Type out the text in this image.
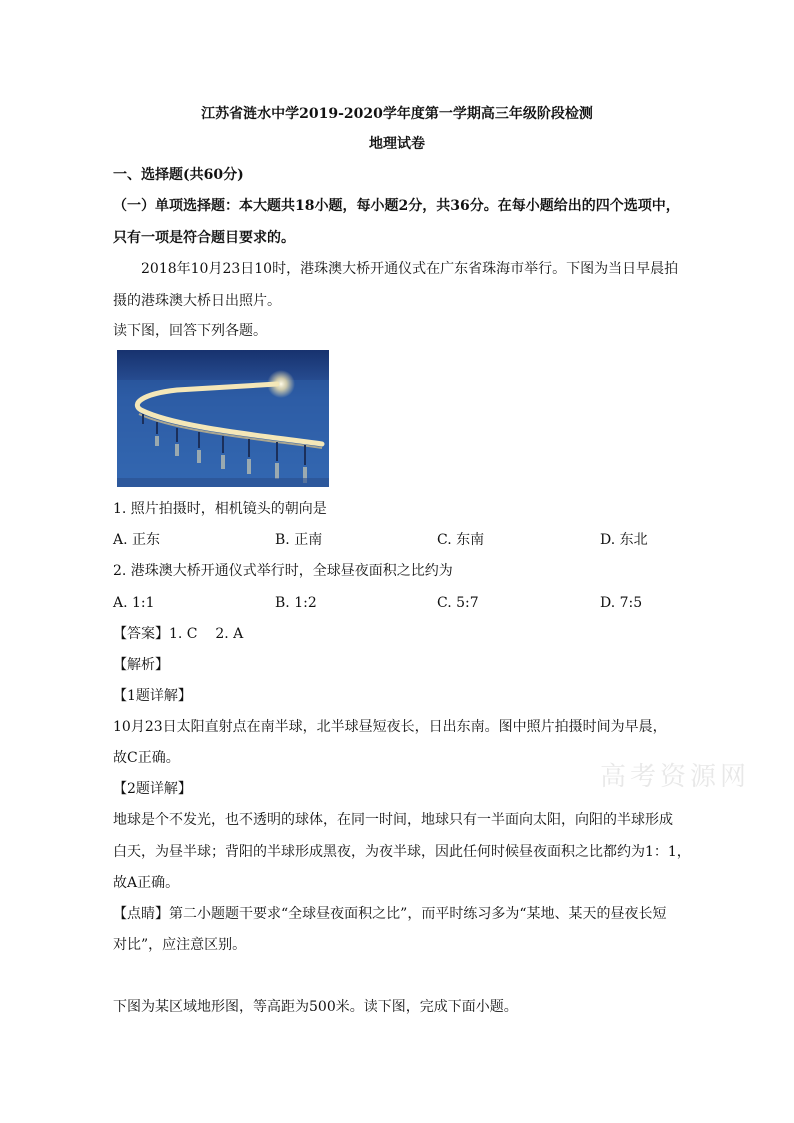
江苏省涟水中学2019-2020学年度第一学期高三年级阶段检测
地理试卷
一、选择题(共60分)
（一）单项选择题：本大题共18小题，每小题2分，共36分。在每小题给出的四个选项中，
只有一项是符合题目要求的。
2018年10月23日10时，港珠澳大桥开通仪式在广东省珠海市举行。下图为当日早晨拍
摄的港珠澳大桥日出照片。
读下图，回答下列各题。
1. 照片拍摄时，相机镜头的朝向是
A. 正东	B. 正南	C. 东南	D. 东北
2. 港珠澳大桥开通仪式举行时，全球昼夜面积之比约为
A. 1:1	B. 1:2	C. 5:7	D. 7:5
【答案】1. C    2. A
【解析】
【1题详解】
10月23日太阳直射点在南半球，北半球昼短夜长，日出东南。图中照片拍摄时间为早晨，
故C正确。
高考资源网
【2题详解】
地球是个不发光，也不透明的球体，在同一时间，地球只有一半面向太阳，向阳的半球形成
白天，为昼半球；背阳的半球形成黑夜，为夜半球，因此任何时候昼夜面积之比都约为1：1，
故A正确。
【点睛】第二小题题干要求“全球昼夜面积之比”，而平时练习多为“某地、某天的昼夜长短
对比”，应注意区别。
下图为某区域地形图，等高距为500米。读下图，完成下面小题。
